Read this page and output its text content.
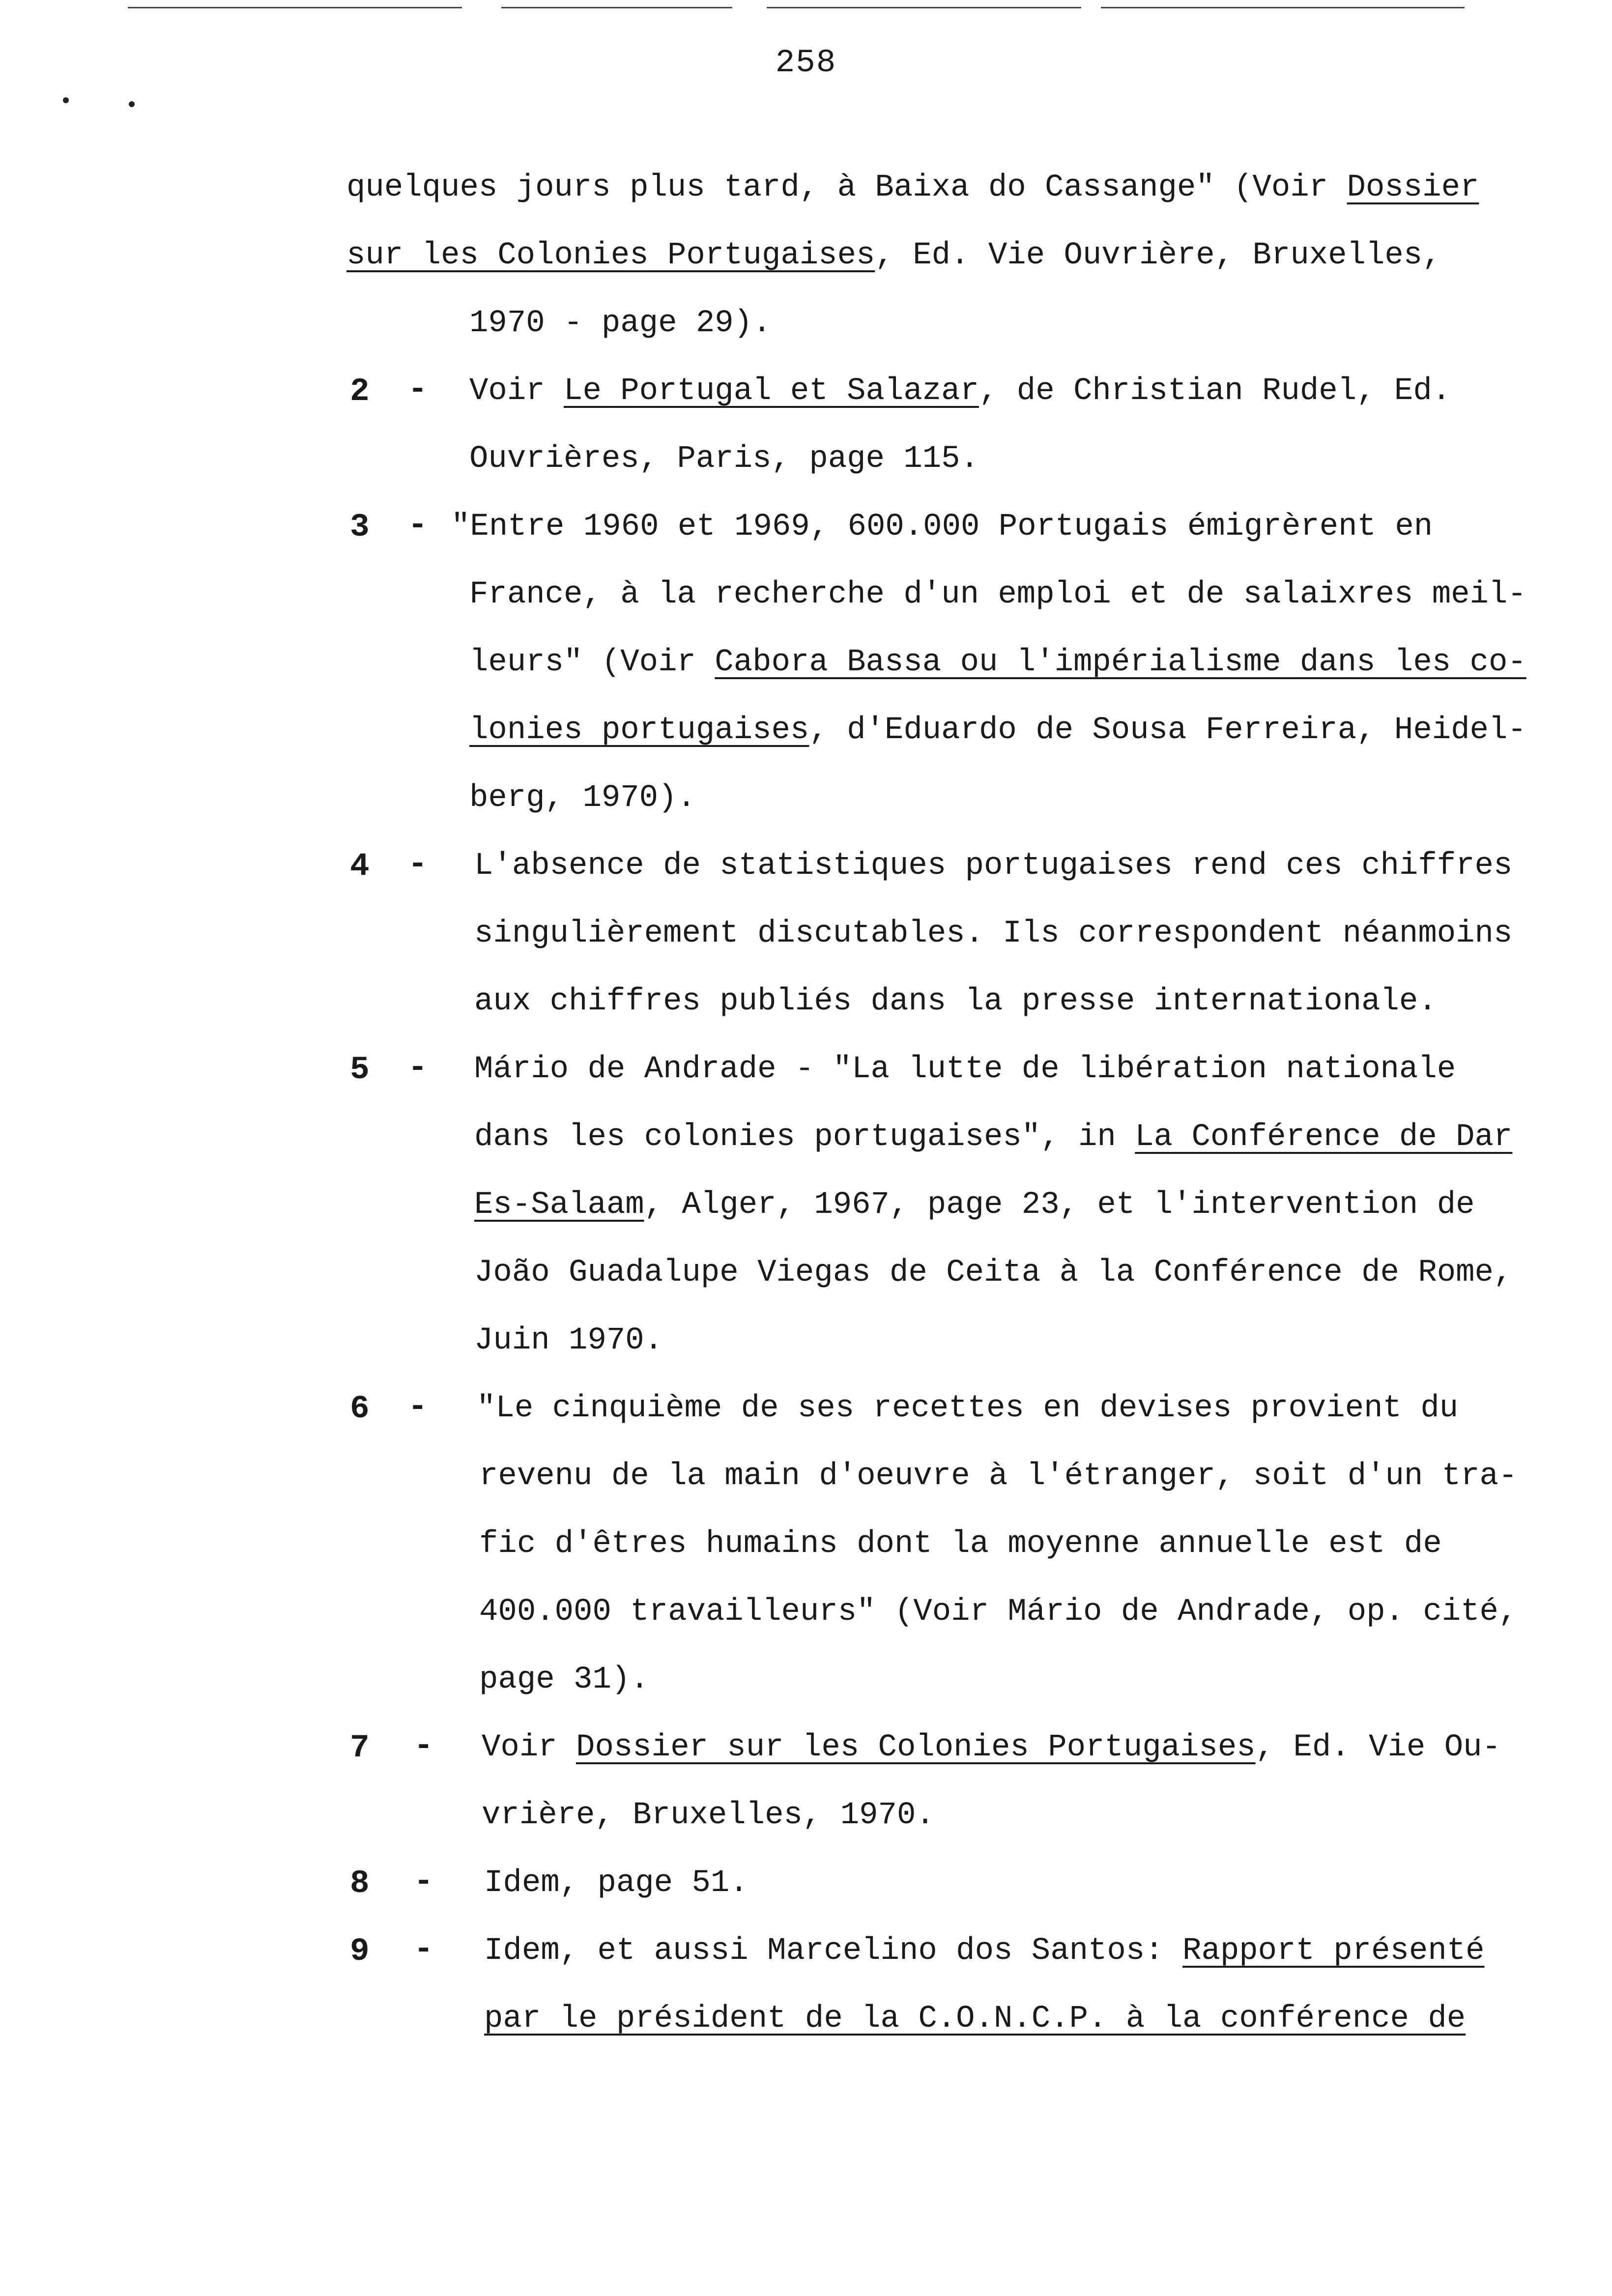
258
quelques jours plus tard, à Baixa do Cassange" (Voir Dossier
sur les Colonies Portugaises, Ed. Vie Ouvrière, Bruxelles,
1970 - page 29).
2 - Voir Le Portugal et Salazar, de Christian Rudel, Ed.
Ouvrières, Paris, page 115.
3 - "Entre 1960 et 1969, 600.000 Portugais émigrèrent en
France, à la recherche d'un emploi et de salaixres meil-
leurs" (Voir Cabora Bassa ou l'impérialisme dans les co-
lonies portugaises, d'Eduardo de Sousa Ferreira, Heidel-
berg, 1970).
4 - L'absence de statistiques portugaises rend ces chiffres
singulièrement discutables. Ils correspondent néanmoins
aux chiffres publiés dans la presse internationale.
5 - Mário de Andrade - "La lutte de libération nationale
dans les colonies portugaises", in La Conférence de Dar
Es-Salaam, Alger, 1967, page 23, et l'intervention de
João Guadalupe Viegas de Ceita à la Conférence de Rome,
Juin 1970.
6 - "Le cinquième de ses recettes en devises provient du
revenu de la main d'oeuvre à l'étranger, soit d'un tra-
fic d'êtres humains dont la moyenne annuelle est de
400.000 travailleurs" (Voir Mário de Andrade, op. cité,
page 31).
7 - Voir Dossier sur les Colonies Portugaises, Ed. Vie Ou-
vrière, Bruxelles, 1970.
8 - Idem, page 51.
9 - Idem, et aussi Marcelino dos Santos: Rapport présenté
par le président de la C.O.N.C.P. à la conférence de
